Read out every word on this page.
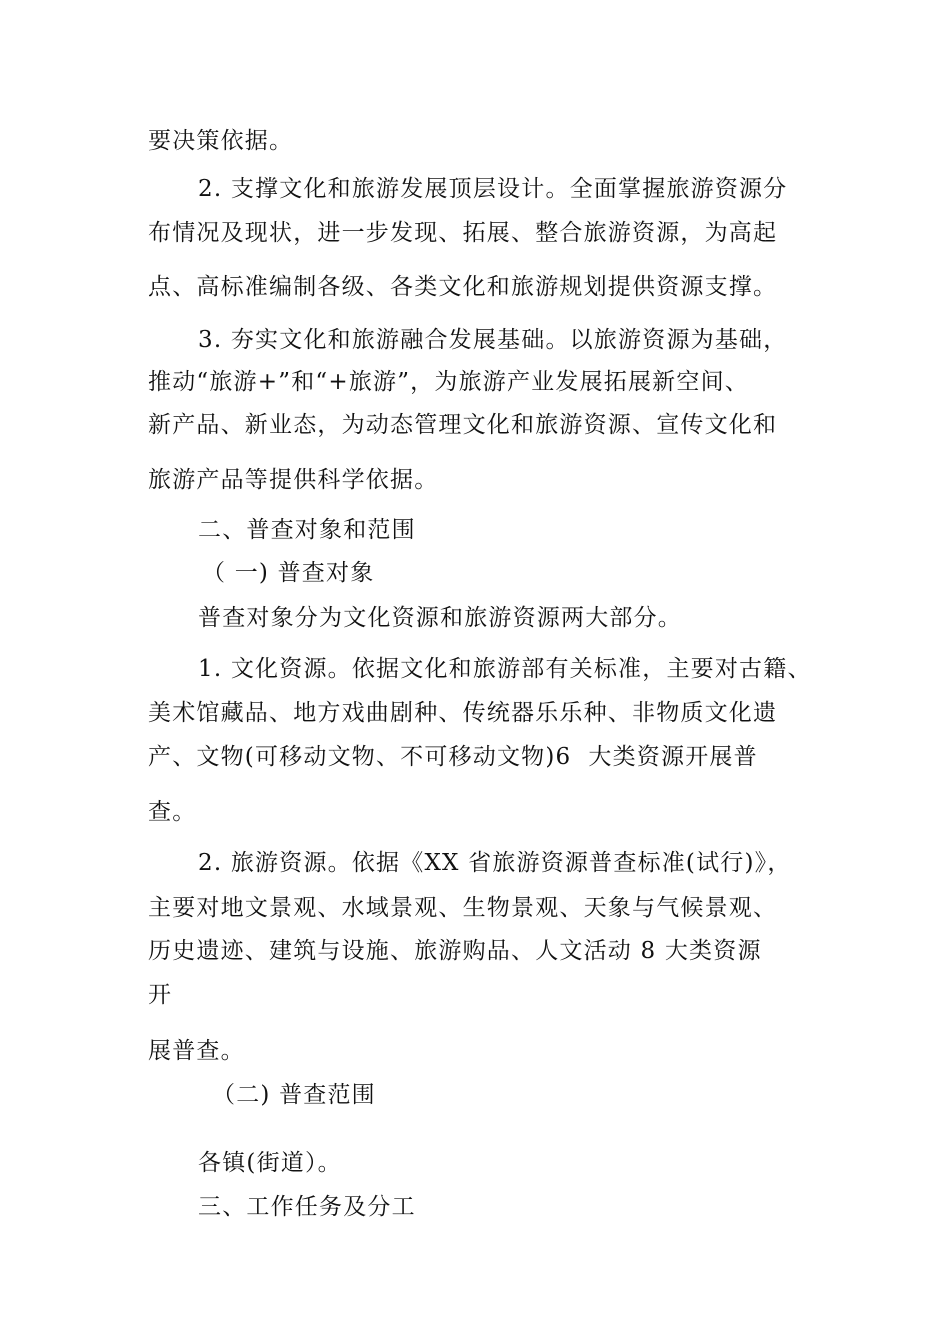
要决策依据。
2. 支撑文化和旅游发展顶层设计。全面掌握旅游资源分
布情况及现状，进一步发现、拓展、整合旅游资源，为高起
点、高标准编制各级、各类文化和旅游规划提供资源支撑。
3. 夯实文化和旅游融合发展基础。以旅游资源为基础，
推动“旅游+”和“+旅游”，为旅游产业发展拓展新空间、
新产品、新业态，为动态管理文化和旅游资源、宣传文化和
旅游产品等提供科学依据。
二、普查对象和范围
（ 一) 普查对象
普查对象分为文化资源和旅游资源两大部分。
1. 文化资源。依据文化和旅游部有关标准，主要对古籍、
美术馆藏品、地方戏曲剧种、传统器乐乐种、非物质文化遗
产、文物(可移动文物、不可移动文物)6  大类资源开展普
查。
2. 旅游资源。依据《XX 省旅游资源普查标准(试行)》，
主要对地文景观、水域景观、生物景观、天象与气候景观、
历史遗迹、建筑与设施、旅游购品、人文活动 8 大类资源
开
展普查。
（二) 普查范围
各镇(街道）。
三、工作任务及分工
